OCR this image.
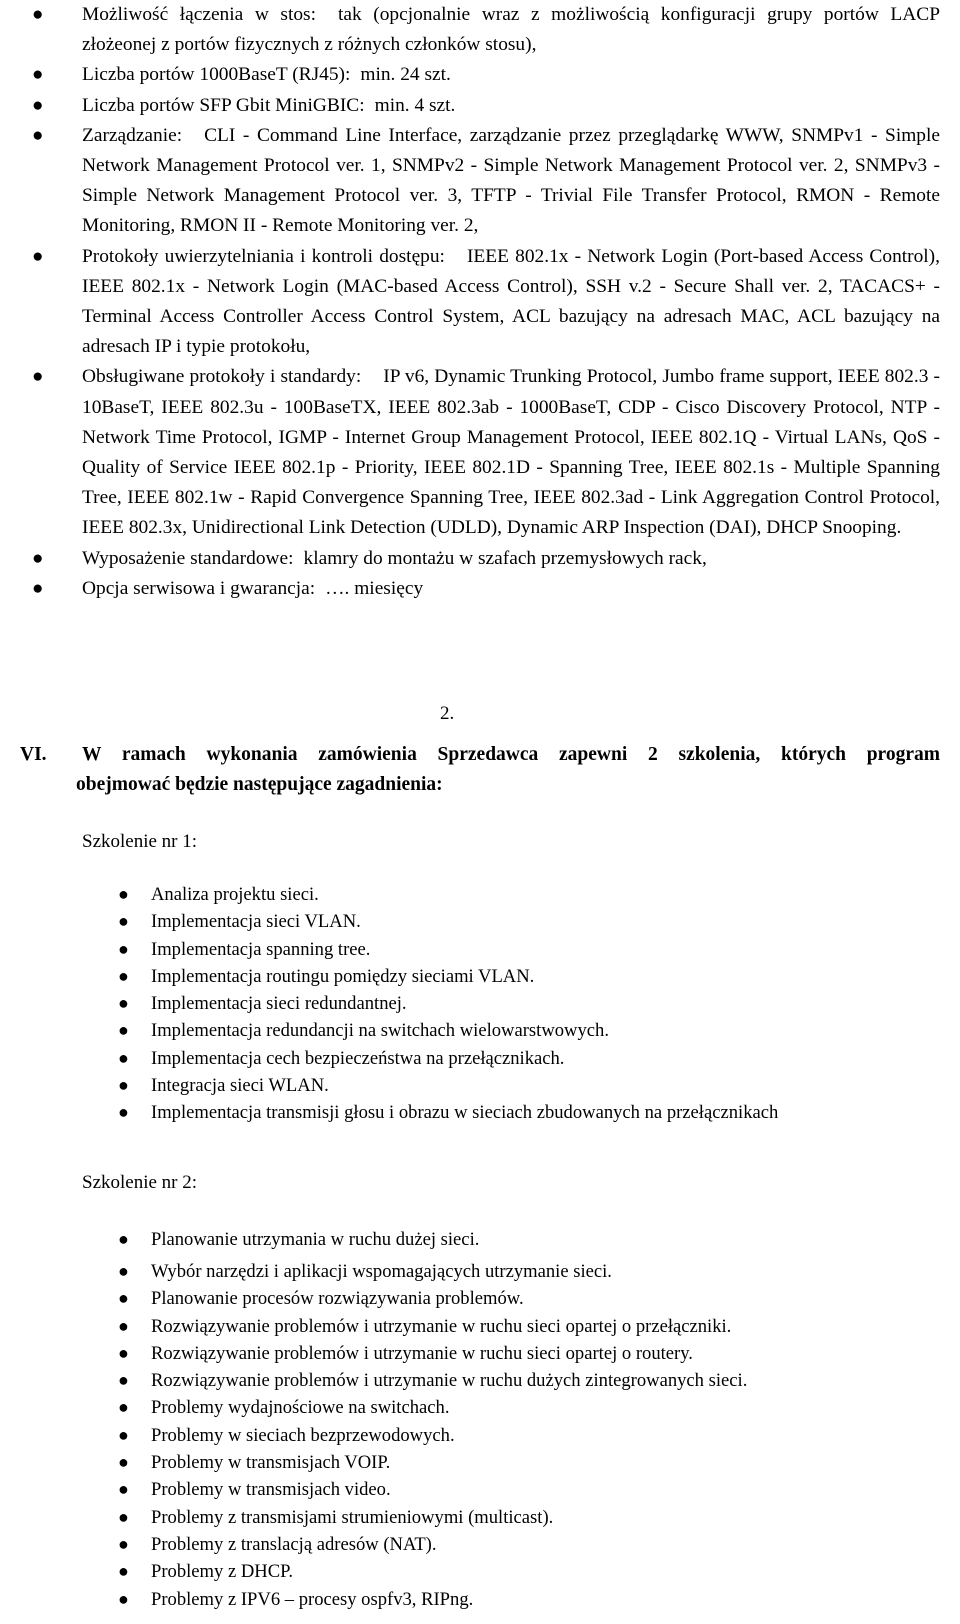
● Możliwość łączenia w stos: tak (opcjonalnie wraz z możliwością konfiguracji grupy portów LACP złożeonej z portów fizycznych z różnych członków stosu),
● Liczba portów 1000BaseT (RJ45): min. 24 szt.
● Liczba portów SFP Gbit MiniGBIC: min. 4 szt.
● Zarządzanie: CLI - Command Line Interface, zarządzanie przez przeglądarkę WWW, SNMPv1 - Simple Network Management Protocol ver. 1, SNMPv2 - Simple Network Management Protocol ver. 2, SNMPv3 - Simple Network Management Protocol ver. 3, TFTP - Trivial File Transfer Protocol, RMON - Remote Monitoring, RMON II - Remote Monitoring ver. 2,
● Protokoły uwierzytelniania i kontroli dostępu: IEEE 802.1x - Network Login (Port-based Access Control), IEEE 802.1x - Network Login (MAC-based Access Control), SSH v.2 - Secure Shall ver. 2, TACACS+ - Terminal Access Controller Access Control System, ACL bazujący na adresach MAC, ACL bazujący na adresach IP i typie protokołu,
● Obsługiwane protokoły i standardy: IP v6, Dynamic Trunking Protocol, Jumbo frame support, IEEE 802.3 - 10BaseT, IEEE 802.3u - 100BaseTX, IEEE 802.3ab - 1000BaseT, CDP - Cisco Discovery Protocol, NTP - Network Time Protocol, IGMP - Internet Group Management Protocol, IEEE 802.1Q - Virtual LANs, QoS - Quality of Service IEEE 802.1p - Priority, IEEE 802.1D - Spanning Tree, IEEE 802.1s - Multiple Spanning Tree, IEEE 802.1w - Rapid Convergence Spanning Tree, IEEE 802.3ad - Link Aggregation Control Protocol, IEEE 802.3x, Unidirectional Link Detection (UDLD), Dynamic ARP Inspection (DAI), DHCP Snooping.
● Wyposażenie standardowe: klamry do montażu w szafach przemysłowych rack,
● Opcja serwisowa i gwarancja: …. miesięcy
2.
VI.	W ramach wykonania zamówienia Sprzedawca zapewni 2 szkolenia, których program
obejmować będzie następujące zagadnienia:
Szkolenie nr 1:
● Analiza projektu sieci.
● Implementacja sieci VLAN.
● Implementacja spanning tree.
● Implementacja routingu pomiędzy sieciami VLAN.
● Implementacja sieci redundantnej.
● Implementacja redundancji na switchach wielowarstwowych.
● Implementacja cech bezpieczeństwa na przełącznikach.
● Integracja sieci WLAN.
● Implementacja transmisji głosu i obrazu w sieciach zbudowanych na przełącznikach
Szkolenie nr 2:
● Planowanie utrzymania w ruchu dużej sieci.
● Wybór narzędzi i aplikacji wspomagających utrzymanie sieci.
● Planowanie procesów rozwiązywania problemów.
● Rozwiązywanie problemów i utrzymanie w ruchu sieci opartej o przełączniki.
● Rozwiązywanie problemów i utrzymanie w ruchu sieci opartej o routery.
● Rozwiązywanie problemów i utrzymanie w ruchu dużych zintegrowanych sieci.
● Problemy wydajnościowe na switchach.
● Problemy w sieciach bezprzewodowych.
● Problemy w transmisjach VOIP.
● Problemy w transmisjach video.
● Problemy z transmisjami strumieniowymi (multicast).
● Problemy z translacją adresów (NAT).
● Problemy z DHCP.
● Problemy z IPV6 – procesy ospfv3, RIPng.
